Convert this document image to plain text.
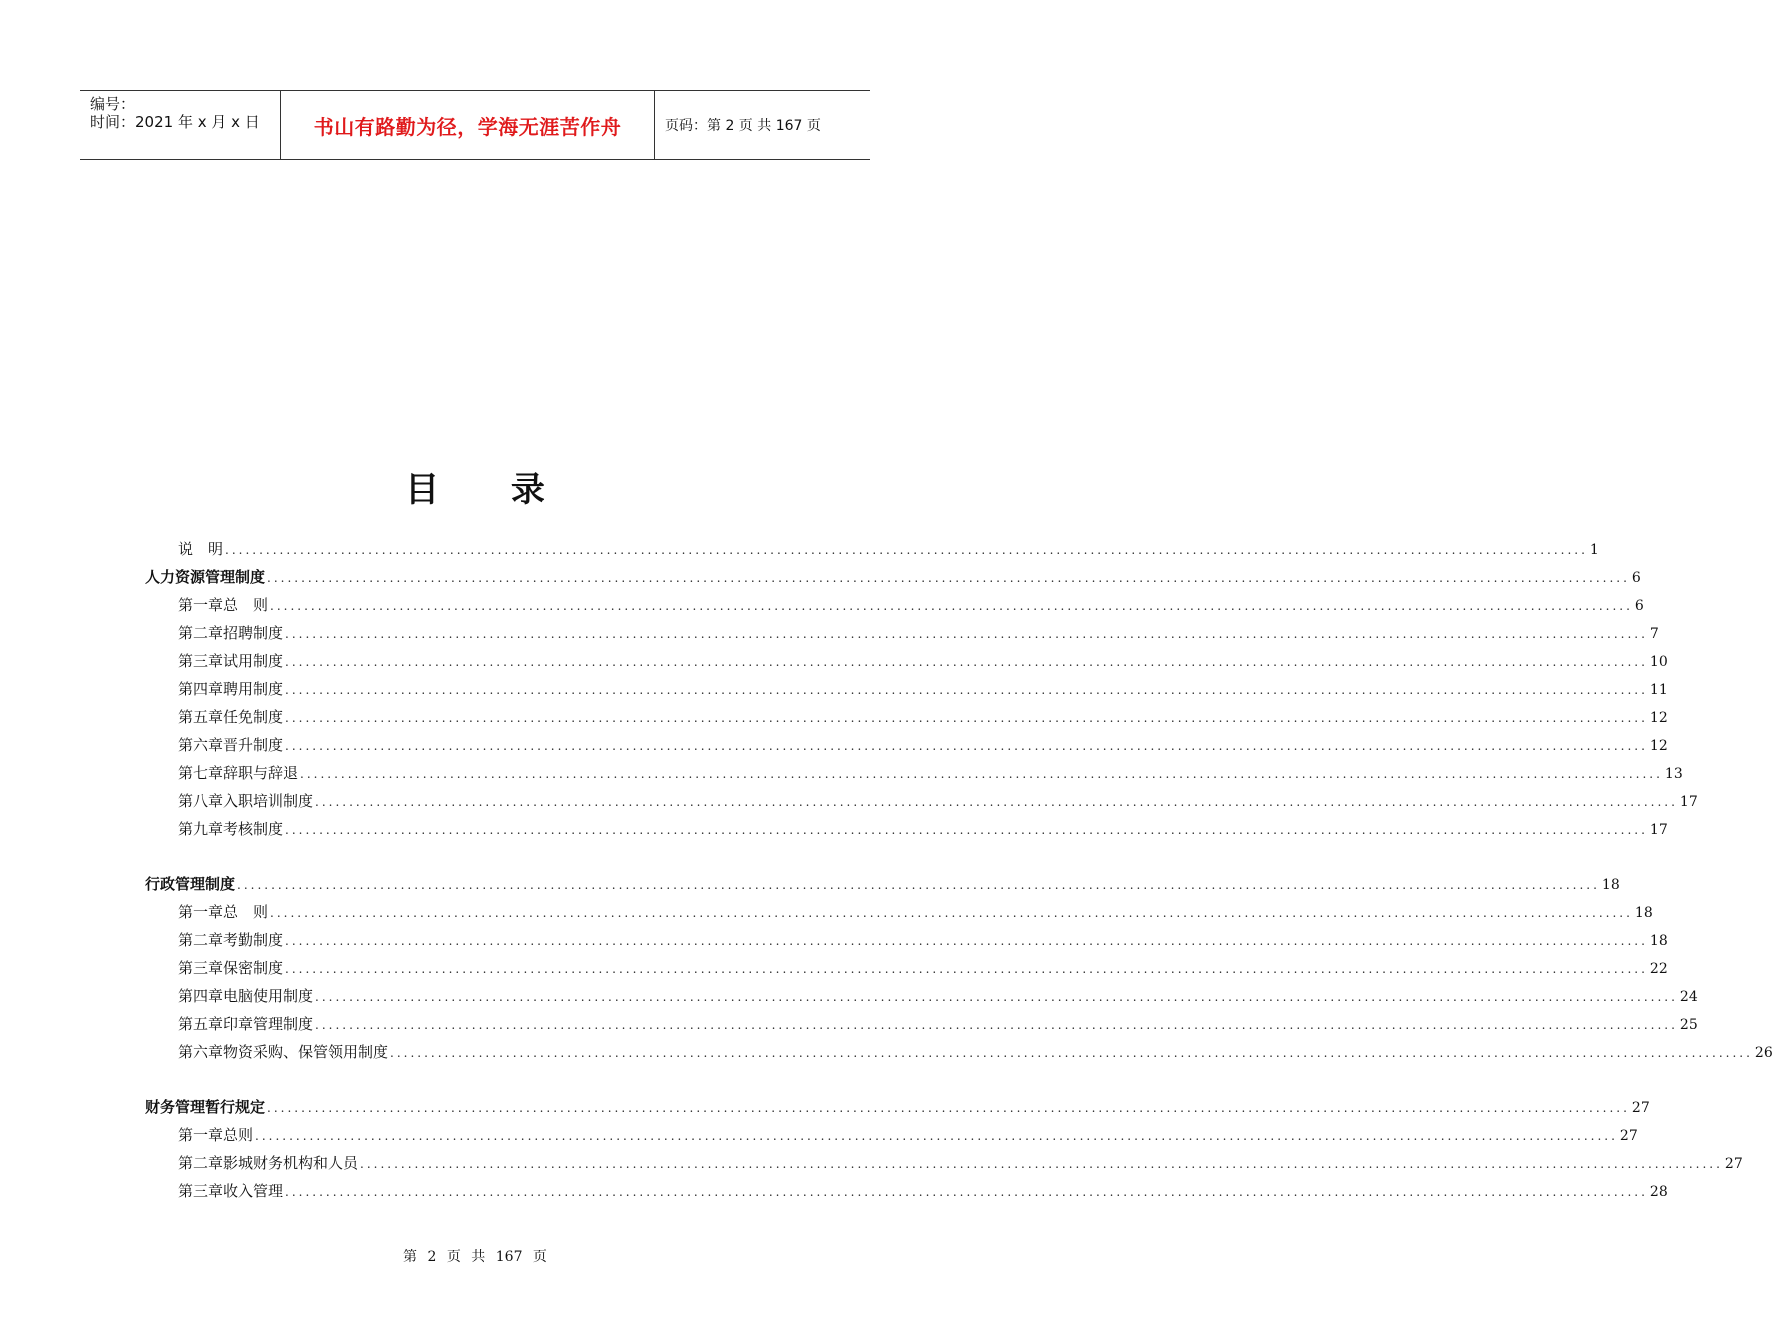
编号：
时间：2021 年 x 月 x 日	书山有路勤为径，学海无涯苦作舟	页码：第 2 页 共 167 页
目 录
说　明 ........................................................................................................................................................................................................ 1
人力资源管理制度 ........................................................................................................................................................................................................ 6
第一章 总　则 ........................................................................................................................................................................................................ 6
第二章 招聘制度 ........................................................................................................................................................................................................ 7
第三章 试用制度 ........................................................................................................................................................................................................ 10
第四章 聘用制度 ........................................................................................................................................................................................................ 11
第五章 任免制度 ........................................................................................................................................................................................................ 12
第六章 晋升制度 ........................................................................................................................................................................................................ 12
第七章 辞职与辞退 ........................................................................................................................................................................................................ 13
第八章 入职培训制度 ........................................................................................................................................................................................................ 17
第九章 考核制度 ........................................................................................................................................................................................................ 17
行政管理制度 ........................................................................................................................................................................................................ 18
第一章 总　则 ........................................................................................................................................................................................................ 18
第二章 考勤制度 ........................................................................................................................................................................................................ 18
第三章 保密制度 ........................................................................................................................................................................................................ 22
第四章 电脑使用制度 ........................................................................................................................................................................................................ 24
第五章 印章管理制度 ........................................................................................................................................................................................................ 25
第六章 物资采购、保管领用制度 ........................................................................................................................................................................................................ 26
财务管理暂行规定 ........................................................................................................................................................................................................ 27
第一章 总则 ........................................................................................................................................................................................................ 27
第二章 影城财务机构和人员 ........................................................................................................................................................................................................ 27
第三章 收入管理 ........................................................................................................................................................................................................ 28
第 2 页 共 167 页
